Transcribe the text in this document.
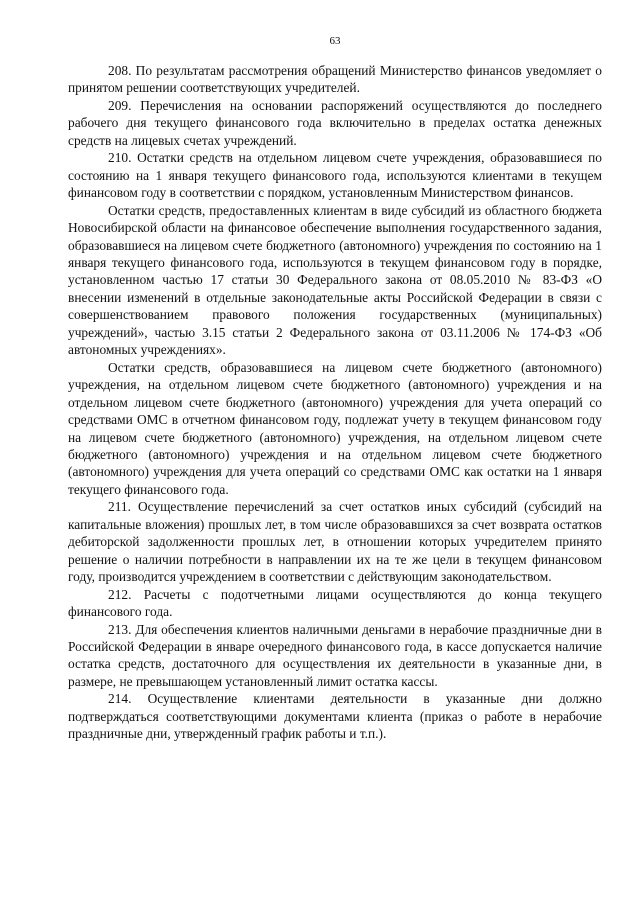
63

208. По результатам рассмотрения обращений Министерство финансов уведомляет о принятом решении соответствующих учредителей.

209. Перечисления на основании распоряжений осуществляются до последнего рабочего дня текущего финансового года включительно в пределах остатка денежных средств на лицевых счетах учреждений.

210. Остатки средств на отдельном лицевом счете учреждения, образовавшиеся по состоянию на 1 января текущего финансового года, используются клиентами в текущем финансовом году в соответствии с порядком, установленным Министерством финансов.

Остатки средств, предоставленных клиентам в виде субсидий из областного бюджета Новосибирской области на финансовое обеспечение выполнения государственного задания, образовавшиеся на лицевом счете бюджетного (автономного) учреждения по состоянию на 1 января текущего финансового года, используются в текущем финансовом году в порядке, установленном частью 17 статьи 30 Федерального закона от 08.05.2010 № 83-ФЗ «О внесении изменений в отдельные законодательные акты Российской Федерации в связи с совершенствованием правового положения государственных (муниципальных) учреждений», частью 3.15 статьи 2 Федерального закона от 03.11.2006 № 174-ФЗ «Об автономных учреждениях».

Остатки средств, образовавшиеся на лицевом счете бюджетного (автономного) учреждения, на отдельном лицевом счете бюджетного (автономного) учреждения и на отдельном лицевом счете бюджетного (автономного) учреждения для учета операций со средствами ОМС в отчетном финансовом году, подлежат учету в текущем финансовом году на лицевом счете бюджетного (автономного) учреждения, на отдельном лицевом счете бюджетного (автономного) учреждения и на отдельном лицевом счете бюджетного (автономного) учреждения для учета операций со средствами ОМС как остатки на 1 января текущего финансового года.

211. Осуществление перечислений за счет остатков иных субсидий (субсидий на капитальные вложения) прошлых лет, в том числе образовавшихся за счет возврата остатков дебиторской задолженности прошлых лет, в отношении которых учредителем принято решение о наличии потребности в направлении их на те же цели в текущем финансовом году, производится учреждением в соответствии с действующим законодательством.

212. Расчеты с подотчетными лицами осуществляются до конца текущего финансового года.

213. Для обеспечения клиентов наличными деньгами в нерабочие праздничные дни в Российской Федерации в январе очередного финансового года, в кассе допускается наличие остатка средств, достаточного для осуществления их деятельности в указанные дни, в размере, не превышающем установленный лимит остатка кассы.

214. Осуществление клиентами деятельности в указанные дни должно подтверждаться соответствующими документами клиента (приказ о работе в нерабочие праздничные дни, утвержденный график работы и т.п.).
